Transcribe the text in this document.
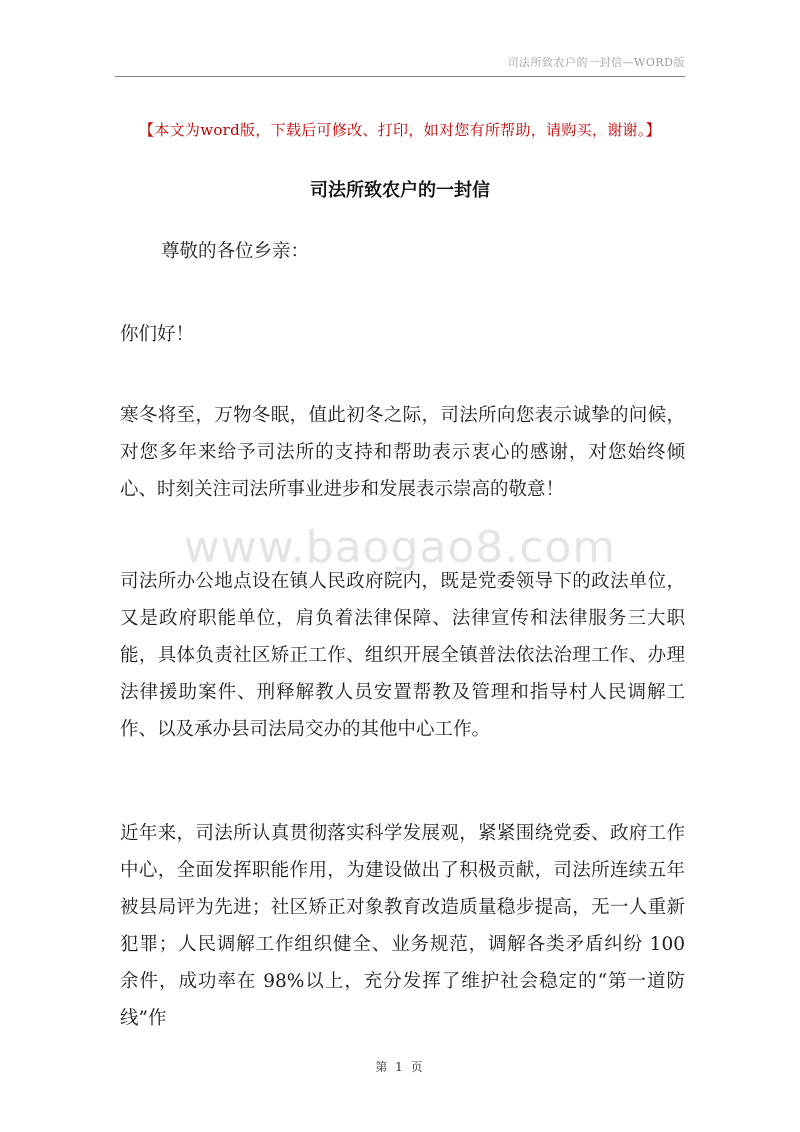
司法所致农户的一封信—WORD版
【本文为word版，下载后可修改、打印，如对您有所帮助，请购买，谢谢。】
司法所致农户的一封信
尊敬的各位乡亲：
你们好！
寒冬将至，万物冬眠，值此初冬之际，司法所向您表示诚挚的问候，对您多年来给予司法所的支持和帮助表示衷心的感谢，对您始终倾心、时刻关注司法所事业进步和发展表示崇高的敬意！
www.baogao8.com
司法所办公地点设在镇人民政府院内，既是党委领导下的政法单位，又是政府职能单位，肩负着法律保障、法律宣传和法律服务三大职能，具体负责社区矫正工作、组织开展全镇普法依法治理工作、办理法律援助案件、刑释解教人员安置帮教及管理和指导村人民调解工作、以及承办县司法局交办的其他中心工作。
近年来，司法所认真贯彻落实科学发展观，紧紧围绕党委、政府工作中心，全面发挥职能作用，为建设做出了积极贡献，司法所连续五年被县局评为先进；社区矫正对象教育改造质量稳步提高，无一人重新犯罪；人民调解工作组织健全、业务规范，调解各类矛盾纠纷 100 余件，成功率在 98%以上，充分发挥了维护社会稳定的“第一道防线”作
第 1 页
